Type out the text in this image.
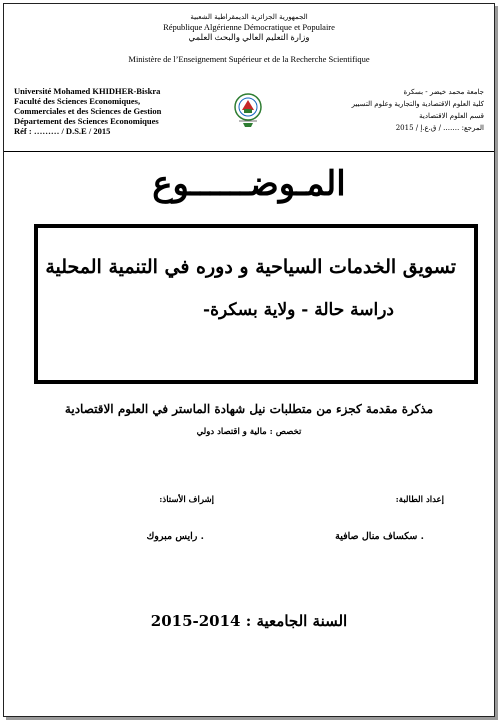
الجمهورية الجزائرية الديمقراطية الشعبية
République Algérienne Démocratique et Populaire
وزارة التعليم العالي والبحث العلمي
Ministère de l’Enseignement Supérieur et de la Recherche Scientifique
Université Mohamed KHIDHER-Biskra
Faculté des Sciences Economiques,
Commerciales et des Sciences de Gestion
Département des Sciences Economiques
Réf : ……… / D.S.E / 2015
جامعة محمد خيضر - بسكرة
كلية العلوم الاقتصادية والتجارية وعلوم التسيير
قسم العلوم الاقتصادية
المرجع: ……. / ق.ع.إ / 2015
المـوضــــــوع
تسويق الخدمات السياحية و دوره في التنمية المحلية
دراسة حالة - ولاية بسكرة-
مذكرة مقدمة كجزء من متطلبات نيل شهادة الماستر في العلوم الاقتصادية
تخصص : مالية و اقتصاد دولي
إعداد الطالبة:
إشراف الأستاذ:
. سكساف منال صافية
. رايس مبروك
السنة الجامعية : 2014-2015
